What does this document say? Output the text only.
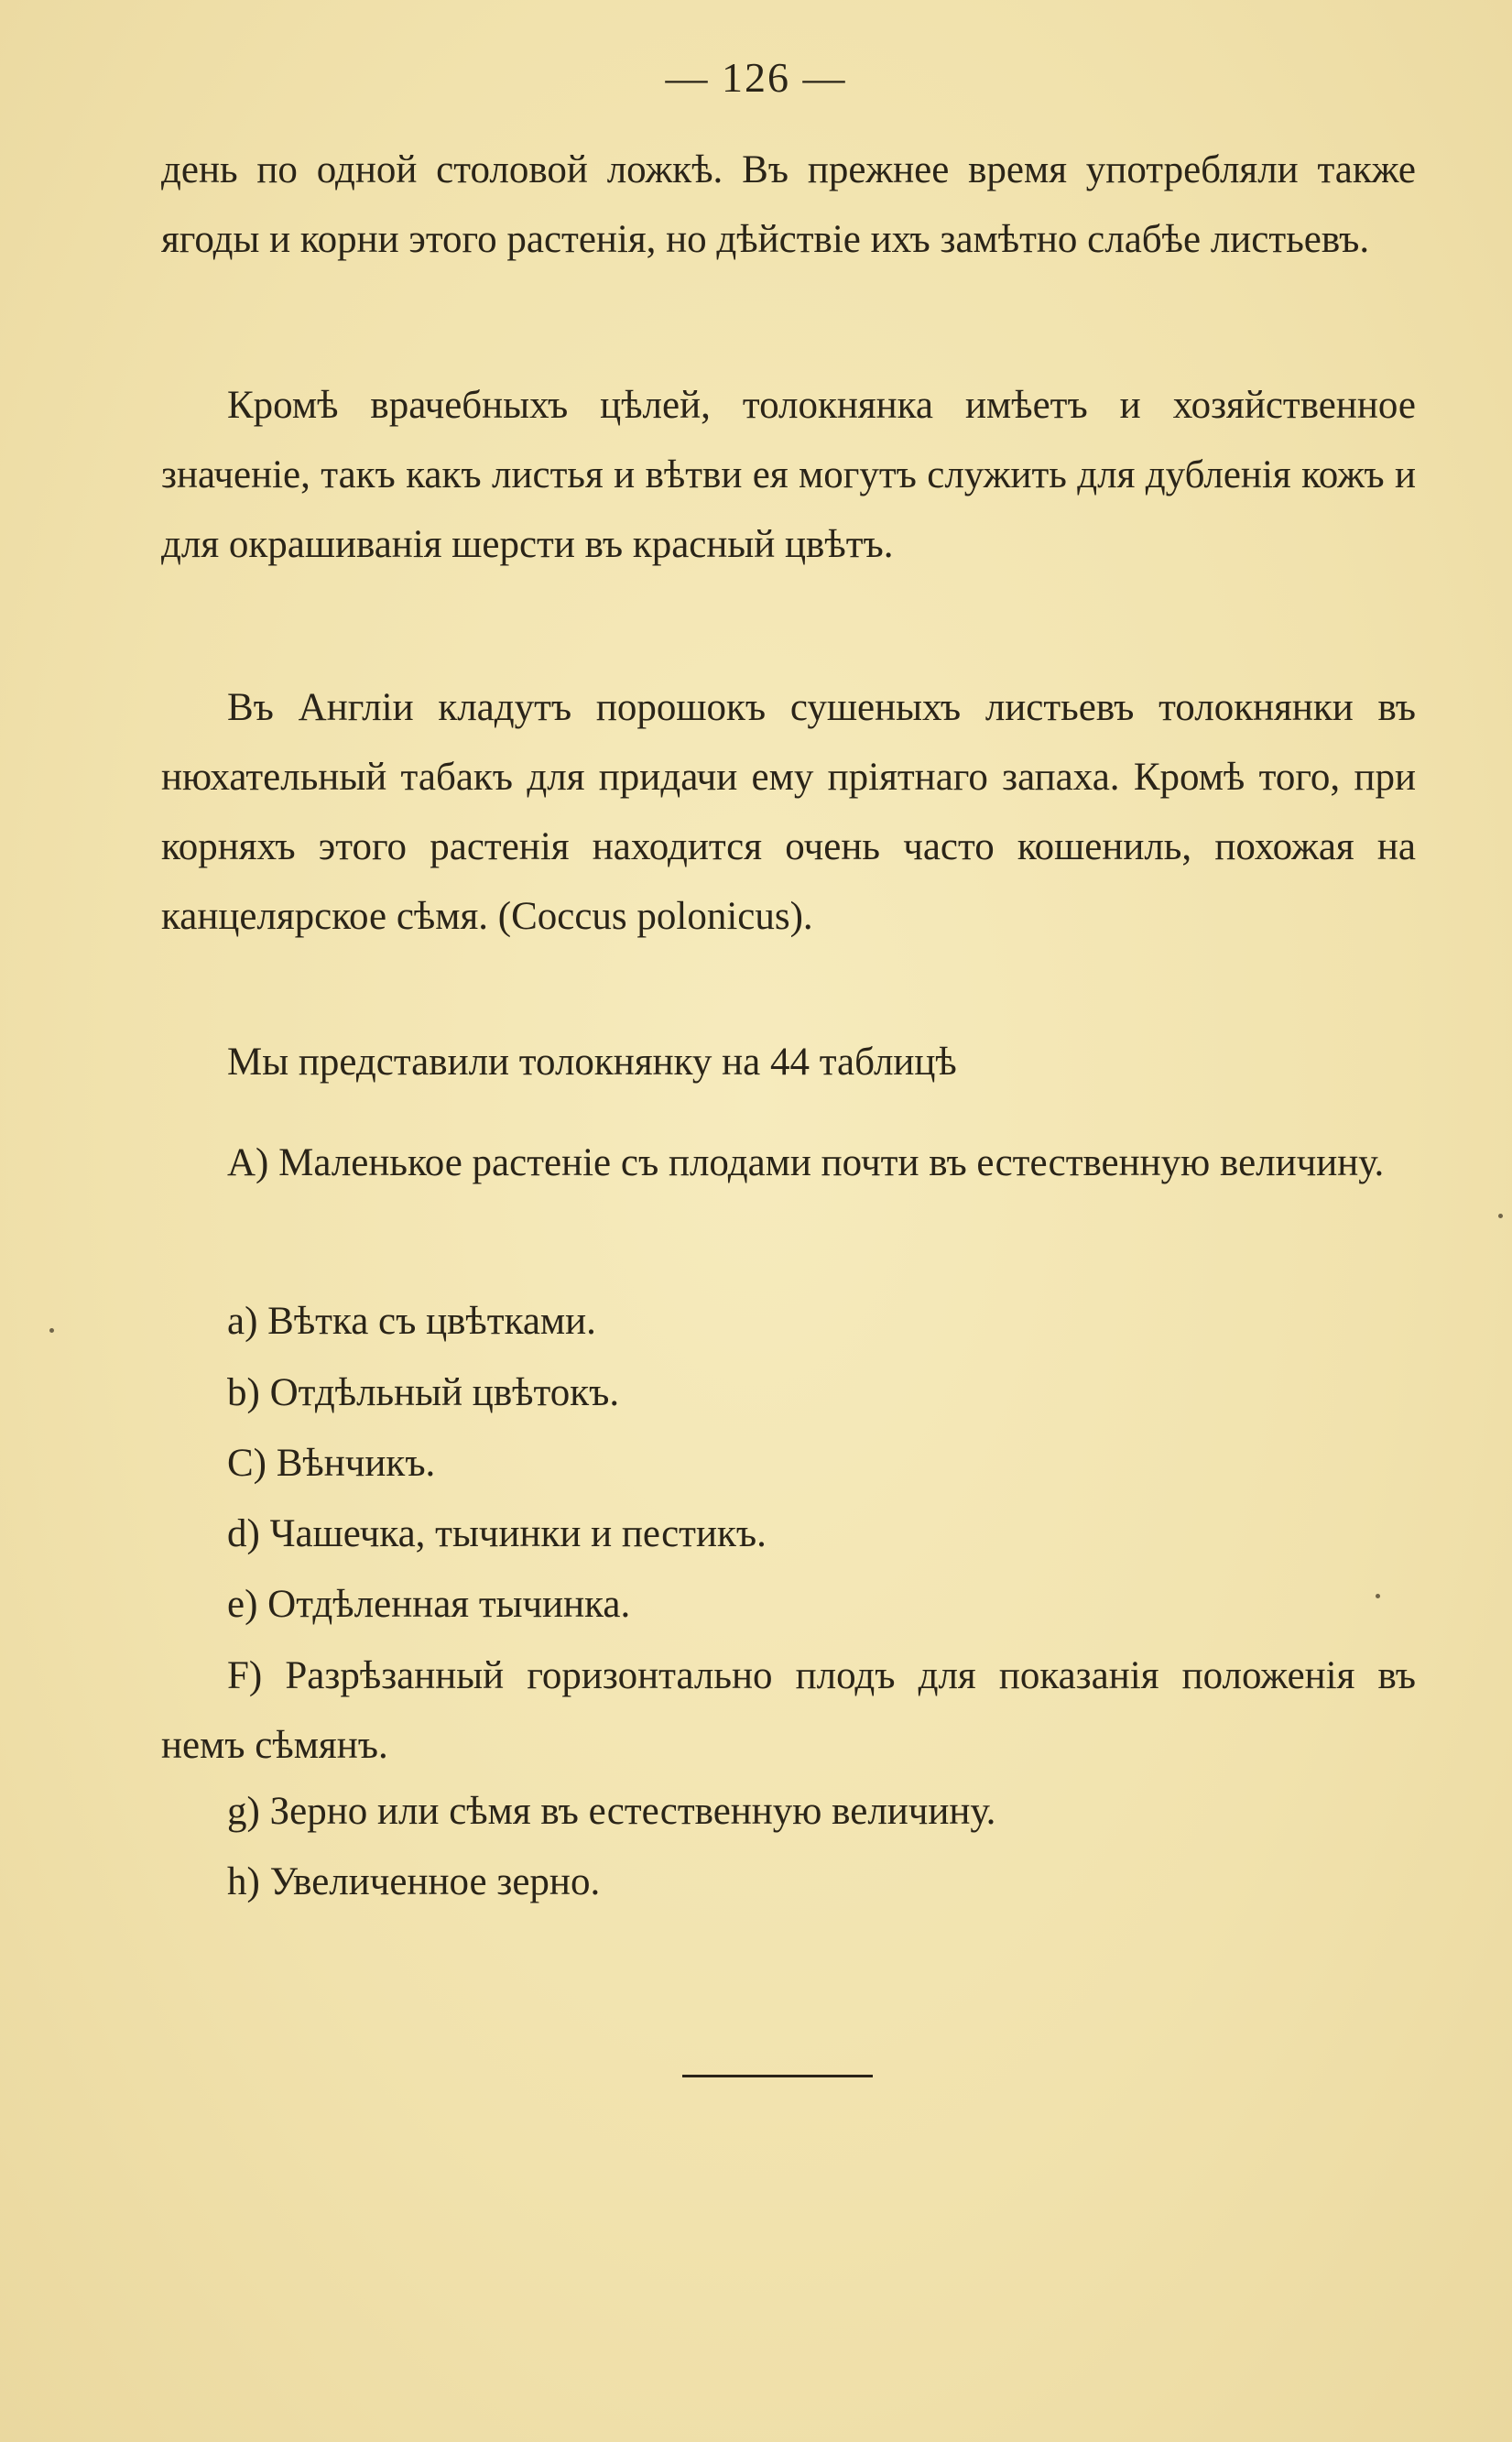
— 126 —

день по одной столовой ложкѣ. Въ прежнее время употребляли также ягоды и корни этого растенія, но дѣйствіе ихъ замѣтно слабѣе листьевъ.

Кромѣ врачебныхъ цѣлей, толокнянка имѣетъ и хозяйственное значеніе, такъ какъ листья и вѣтви ея могутъ служить для дубленія кожъ и для окрашиванія шерсти въ красный цвѣтъ.

Въ Англіи кладутъ порошокъ сушеныхъ листьевъ толокнянки въ нюхательный табакъ для придачи ему пріятнаго запаха. Кромѣ того, при корняхъ этого растенія находится очень часто кошениль, похожая на канцелярское сѣмя. (Coccus polonicus).

Мы представили толокнянку на 44 таблицѣ

A) Маленькое растеніе съ плодами почти въ естественную величину.

a) Вѣтка съ цвѣтками.

b) Отдѣльный цвѣтокъ.

C) Вѣнчикъ.

d) Чашечка, тычинки и пестикъ.

e) Отдѣленная тычинка.

F) Разрѣзанный горизонтально плодъ для показанія положенія въ немъ сѣмянъ.

g) Зерно или сѣмя въ естественную величину.

h) Увеличенное зерно.
